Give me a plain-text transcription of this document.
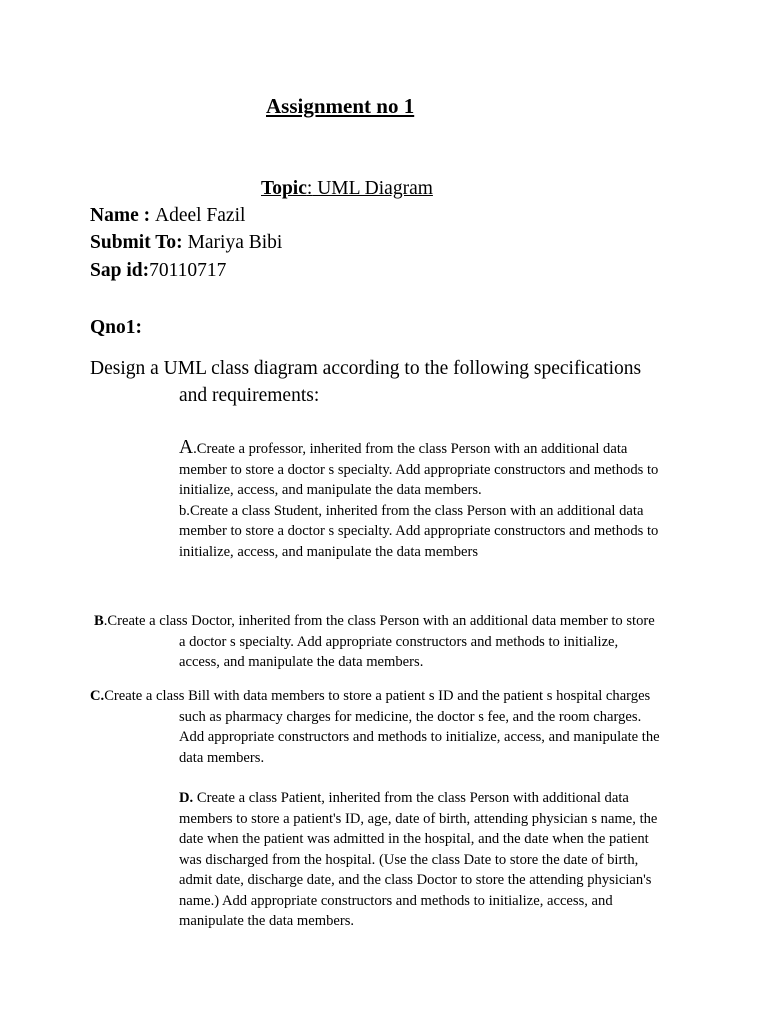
Assignment no 1
Topic: UML Diagram
Name : Adeel Fazil
Submit To: Mariya Bibi
Sap id:70110717
Qno1:
Design a UML class diagram according to the following specifications
and requirements:
A.Create a professor, inherited from the class Person with an additional data
member to store a doctor s specialty. Add appropriate constructors and methods to
initialize, access, and manipulate the data members.
b.Create a class Student, inherited from the class Person with an additional data
member to store a doctor s specialty. Add appropriate constructors and methods to
initialize, access, and manipulate the data members
B.Create a class Doctor, inherited from the class Person with an additional data member to store
a doctor s specialty. Add appropriate constructors and methods to initialize,
access, and manipulate the data members.
C.Create a class Bill with data members to store a patient s ID and the patient s hospital charges
such as pharmacy charges for medicine, the doctor s fee, and the room charges.
Add appropriate constructors and methods to initialize, access, and manipulate the
data members.
D. Create a class Patient, inherited from the class Person with additional data
members to store a patient's ID, age, date of birth, attending physician s name, the
date when the patient was admitted in the hospital, and the date when the patient
was discharged from the hospital. (Use the class Date to store the date of birth,
admit date, discharge date, and the class Doctor to store the attending physician's
name.) Add appropriate constructors and methods to initialize, access, and
manipulate the data members.
